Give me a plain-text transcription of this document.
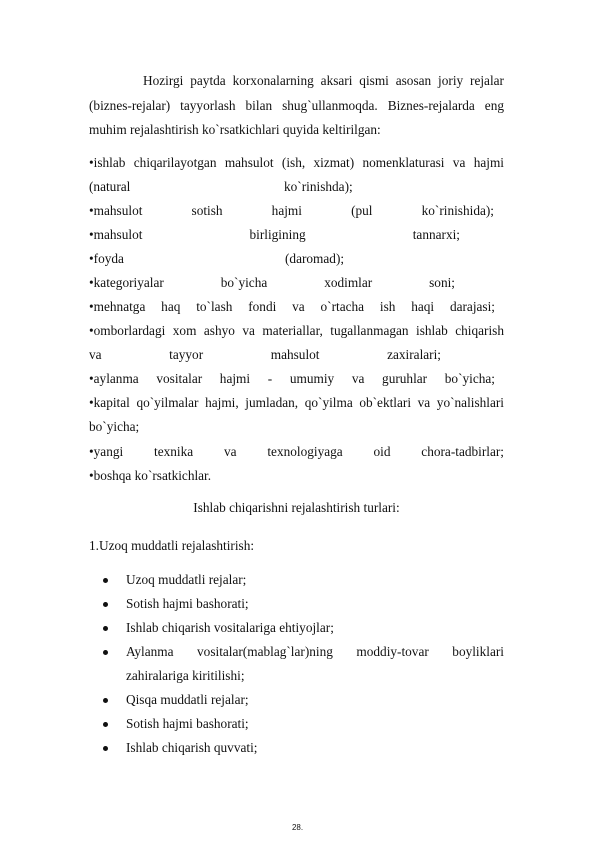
Hozirgi paytda korxonalarning aksari qismi asosan joriy rejalar
(biznes-rejalar) tayyorlash bilan shug`ullanmoqda. Biznes-rejalarda eng
muhim rejalashtirish ko`rsatkichlari quyida keltirilgan:
•ishlab chiqarilayotgan mahsulot (ish, xizmat) nomenklaturasi va hajmi
(natural	ko`rinishda);
•mahsulot sotish hajmi (pul ko`rinishida);
•mahsulot birligining tannarxi;
•foyda	(daromad);
•kategoriyalar bo`yicha xodimlar soni;
•mehnatga haq to`lash fondi va o`rtacha ish haqi darajasi;
•omborlardagi xom ashyo va materiallar, tugallanmagan ishlab chiqarish
va tayyor mahsulot zaxiralari;
•aylanma vositalar hajmi - umumiy va guruhlar bo`yicha;
•kapital qo`yilmalar hajmi, jumladan, qo`yilma ob`ektlari va yo`nalishlari
bo`yicha;
•yangi texnika va texnologiyaga oid chora-tadbirlar;
•boshqa ko`rsatkichlar.
Ishlab chiqarishni rejalashtirish turlari:
1.Uzoq muddatli rejalashtirish:
Uzoq muddatli rejalar;
Sotish hajmi bashorati;
Ishlab chiqarish vositalariga ehtiyojlar;
Aylanma vositalar(mablag`lar)ning moddiy-tovar boyliklari
zahiralariga kiritilishi;
Qisqa muddatli rejalar;
Sotish hajmi bashorati;
Ishlab chiqarish quvvati;
28.
